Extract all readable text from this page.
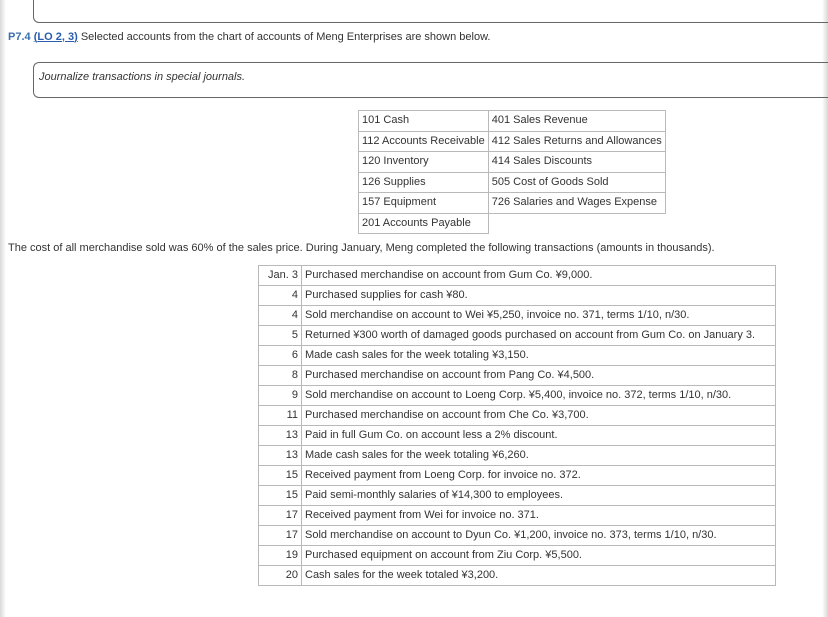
P7.4 (LO 2, 3) Selected accounts from the chart of accounts of Meng Enterprises are shown below.
Journalize transactions in special journals.
101 Cash	401 Sales Revenue
112 Accounts Receivable	412 Sales Returns and Allowances
120 Inventory	414 Sales Discounts
126 Supplies	505 Cost of Goods Sold
157 Equipment	726 Salaries and Wages Expense
201 Accounts Payable	
The cost of all merchandise sold was 60% of the sales price. During January, Meng completed the following transactions (amounts in thousands).
Jan. 3	Purchased merchandise on account from Gum Co. ¥9,000.
4	Purchased supplies for cash ¥80.
4	Sold merchandise on account to Wei ¥5,250, invoice no. 371, terms 1/10, n/30.
5	Returned ¥300 worth of damaged goods purchased on account from Gum Co. on January 3.
6	Made cash sales for the week totaling ¥3,150.
8	Purchased merchandise on account from Pang Co. ¥4,500.
9	Sold merchandise on account to Loeng Corp. ¥5,400, invoice no. 372, terms 1/10, n/30.
11	Purchased merchandise on account from Che Co. ¥3,700.
13	Paid in full Gum Co. on account less a 2% discount.
13	Made cash sales for the week totaling ¥6,260.
15	Received payment from Loeng Corp. for invoice no. 372.
15	Paid semi-monthly salaries of ¥14,300 to employees.
17	Received payment from Wei for invoice no. 371.
17	Sold merchandise on account to Dyun Co. ¥1,200, invoice no. 373, terms 1/10, n/30.
19	Purchased equipment on account from Ziu Corp. ¥5,500.
20	Cash sales for the week totaled ¥3,200.
